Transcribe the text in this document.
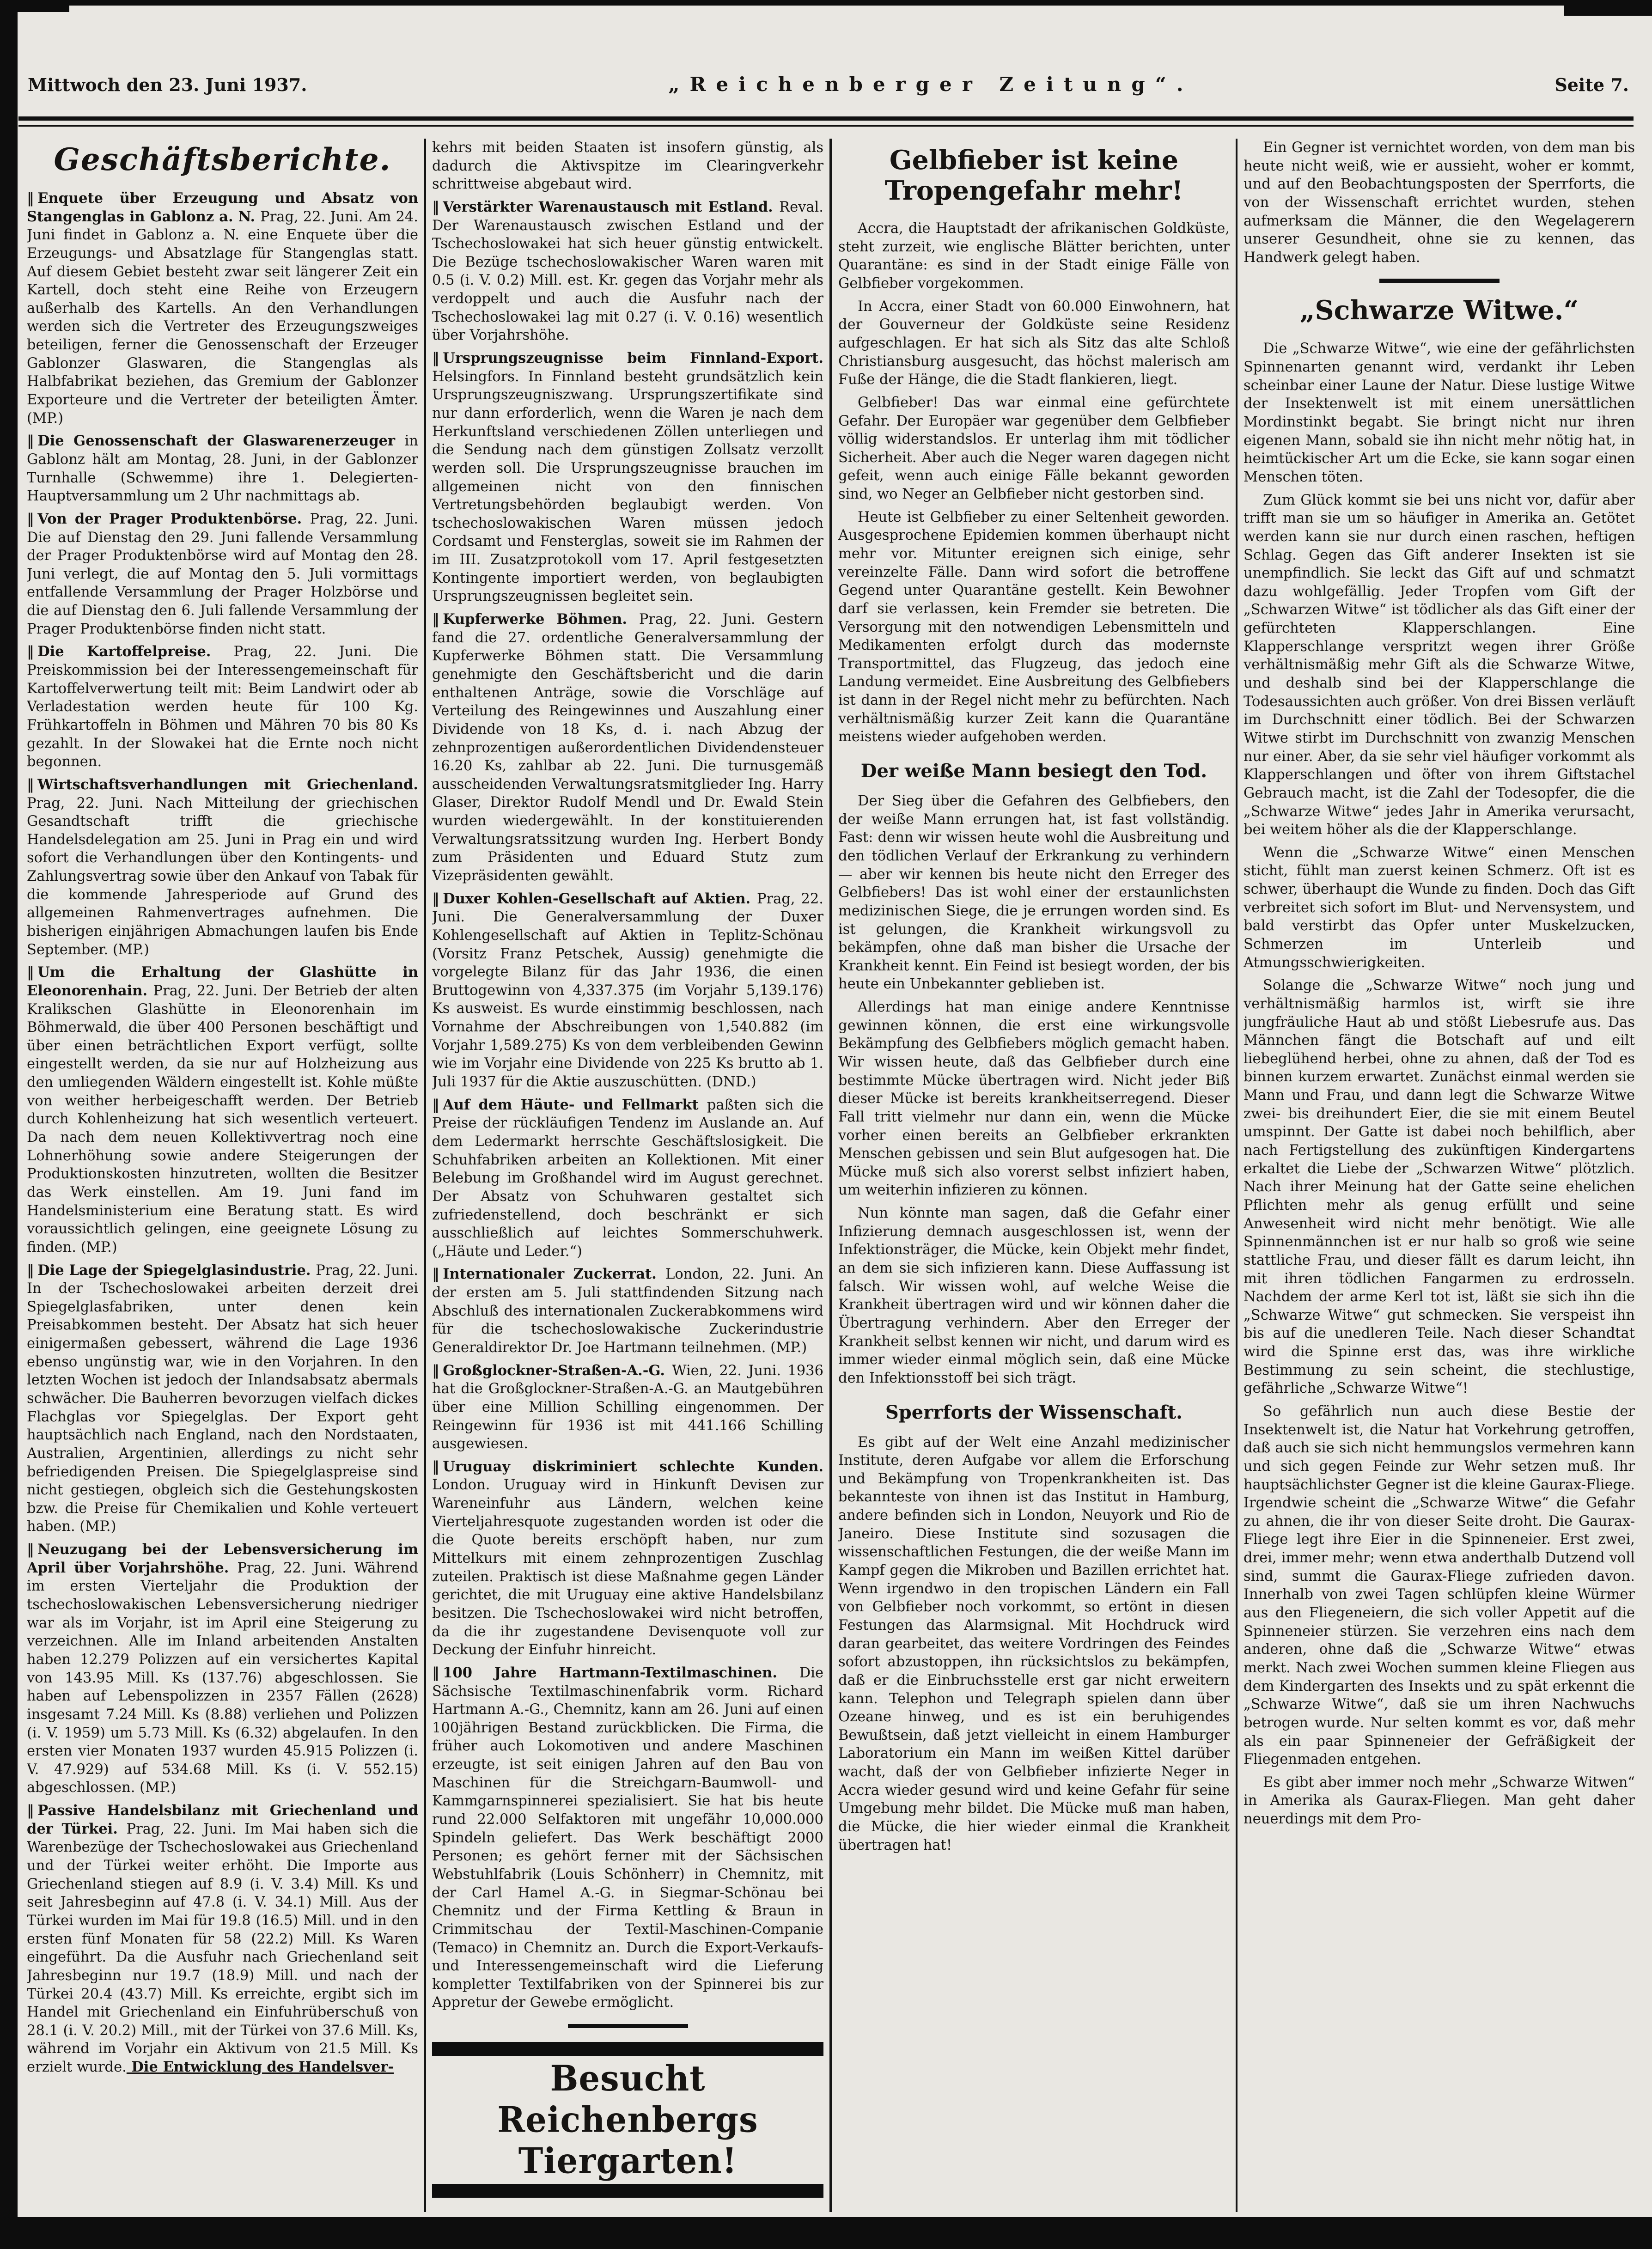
Mittwoch den 23. Juni 1937.	„Reichenberger Zeitung“.	Seite 7.
Geschäftsberichte.

‖ Enquete über Erzeugung und Absatz von Stangenglas in Gablonz a. N. Prag, 22. Juni. Am 24. Juni findet in Gablonz a. N. eine Enquete über die Erzeugungs- und Absatzlage für Stangenglas statt. Auf diesem Gebiet besteht zwar seit längerer Zeit ein Kartell, doch steht eine Reihe von Erzeugern außerhalb des Kartells. An den Verhandlungen werden sich die Vertreter des Erzeugungszweiges beteiligen, ferner die Genossenschaft der Erzeuger Gablonzer Glaswaren, die Stangenglas als Halbfabrikat beziehen, das Gremium der Gablonzer Exporteure und die Vertreter der beteiligten Ämter. (MP.)

‖ Die Genossenschaft der Glaswarenerzeuger in Gablonz hält am Montag, 28. Juni, in der Gablonzer Turnhalle (Schwemme) ihre 1. Delegierten-Hauptversammlung um 2 Uhr nachmittags ab.

‖ Von der Prager Produktenbörse. Prag, 22. Juni. Die auf Dienstag den 29. Juni fallende Versammlung der Prager Produktenbörse wird auf Montag den 28. Juni verlegt, die auf Montag den 5. Juli vormittags entfallende Versammlung der Prager Holzbörse und die auf Dienstag den 6. Juli fallende Versammlung der Prager Produktenbörse finden nicht statt.

‖ Die Kartoffelpreise. Prag, 22. Juni. Die Preiskommission bei der Interessengemeinschaft für Kartoffelverwertung teilt mit: Beim Landwirt oder ab Verladestation werden heute für 100 Kg. Frühkartoffeln in Böhmen und Mähren 70 bis 80 Ks gezahlt. In der Slowakei hat die Ernte noch nicht begonnen.

‖ Wirtschaftsverhandlungen mit Griechenland. Prag, 22. Juni. Nach Mitteilung der griechischen Gesandtschaft trifft die griechische Handelsdelegation am 25. Juni in Prag ein und wird sofort die Verhandlungen über den Kontingents- und Zahlungsvertrag sowie über den Ankauf von Tabak für die kommende Jahresperiode auf Grund des allgemeinen Rahmenvertrages aufnehmen. Die bisherigen einjährigen Abmachungen laufen bis Ende September. (MP.)

‖ Um die Erhaltung der Glashütte in Eleonorenhain. Prag, 22. Juni. Der Betrieb der alten Kralikschen Glashütte in Eleonorenhain im Böhmerwald, die über 400 Personen beschäftigt und über einen beträchtlichen Export verfügt, sollte eingestellt werden, da sie nur auf Holzheizung aus den umliegenden Wäldern eingestellt ist. Kohle müßte von weither herbeigeschafft werden. Der Betrieb durch Kohlenheizung hat sich wesentlich verteuert. Da nach dem neuen Kollektivvertrag noch eine Lohnerhöhung sowie andere Steigerungen der Produktionskosten hinzutreten, wollten die Besitzer das Werk einstellen. Am 19. Juni fand im Handelsministerium eine Beratung statt. Es wird voraussichtlich gelingen, eine geeignete Lösung zu finden. (MP.)

‖ Die Lage der Spiegelglasindustrie. Prag, 22. Juni. In der Tschechoslowakei arbeiten derzeit drei Spiegelglasfabriken, unter denen kein Preisabkommen besteht. Der Absatz hat sich heuer einigermaßen gebessert, während die Lage 1936 ebenso ungünstig war, wie in den Vorjahren. In den letzten Wochen ist jedoch der Inlandsabsatz abermals schwächer. Die Bauherren bevorzugen vielfach dickes Flachglas vor Spiegelglas. Der Export geht hauptsächlich nach England, nach den Nordstaaten, Australien, Argentinien, allerdings zu nicht sehr befriedigenden Preisen. Die Spiegelglaspreise sind nicht gestiegen, obgleich sich die Gestehungskosten bzw. die Preise für Chemikalien und Kohle verteuert haben. (MP.)

‖ Neuzugang bei der Lebensversicherung im April über Vorjahrshöhe. Prag, 22. Juni. Während im ersten Vierteljahr die Produktion der tschechoslowakischen Lebensversicherung niedriger war als im Vorjahr, ist im April eine Steigerung zu verzeichnen. Alle im Inland arbeitenden Anstalten haben 12.279 Polizzen auf ein versichertes Kapital von 143.95 Mill. Ks (137.76) abgeschlossen. Sie haben auf Lebenspolizzen in 2357 Fällen (2628) insgesamt 7.24 Mill. Ks (8.88) verliehen und Polizzen (i. V. 1959) um 5.73 Mill. Ks (6.32) abgelaufen. In den ersten vier Monaten 1937 wurden 45.915 Polizzen (i. V. 47.929) auf 534.68 Mill. Ks (i. V. 552.15) abgeschlossen. (MP.)

‖ Passive Handelsbilanz mit Griechenland und der Türkei. Prag, 22. Juni. Im Mai haben sich die Warenbezüge der Tschechoslowakei aus Griechenland und der Türkei weiter erhöht. Die Importe aus Griechenland stiegen auf 8.9 (i. V. 3.4) Mill. Ks und seit Jahresbeginn auf 47.8 (i. V. 34.1) Mill. Aus der Türkei wurden im Mai für 19.8 (16.5) Mill. und in den ersten fünf Monaten für 58 (22.2) Mill. Ks Waren eingeführt. Da die Ausfuhr nach Griechenland seit Jahresbeginn nur 19.7 (18.9) Mill. und nach der Türkei 20.4 (43.7) Mill. Ks erreichte, ergibt sich im Handel mit Griechenland ein Einfuhrüberschuß von 28.1 (i. V. 20.2) Mill., mit der Türkei von 37.6 Mill. Ks, während im Vorjahr ein Aktivum von 21.5 Mill. Ks erzielt wurde. Die Entwicklung des Handelsver-

kehrs mit beiden Staaten ist insofern günstig, als dadurch die Aktivspitze im Clearingverkehr schrittweise abgebaut wird.

‖ Verstärkter Warenaustausch mit Estland. Reval. Der Warenaustausch zwischen Estland und der Tschechoslowakei hat sich heuer günstig entwickelt. Die Bezüge tschechoslowakischer Waren waren mit 0.5 (i. V. 0.2) Mill. est. Kr. gegen das Vorjahr mehr als verdoppelt und auch die Ausfuhr nach der Tschechoslowakei lag mit 0.27 (i. V. 0.16) wesentlich über Vorjahrshöhe.

‖ Ursprungszeugnisse beim Finnland-Export. Helsingfors. In Finnland besteht grundsätzlich kein Ursprungszeugniszwang. Ursprungszertifikate sind nur dann erforderlich, wenn die Waren je nach dem Herkunftsland verschiedenen Zöllen unterliegen und die Sendung nach dem günstigen Zollsatz verzollt werden soll. Die Ursprungszeugnisse brauchen im allgemeinen nicht von den finnischen Vertretungsbehörden beglaubigt werden. Von tschechoslowakischen Waren müssen jedoch Cordsamt und Fensterglas, soweit sie im Rahmen der im III. Zusatzprotokoll vom 17. April festgesetzten Kontingente importiert werden, von beglaubigten Ursprungszeugnissen begleitet sein.

‖ Kupferwerke Böhmen. Prag, 22. Juni. Gestern fand die 27. ordentliche Generalversammlung der Kupferwerke Böhmen statt. Die Versammlung genehmigte den Geschäftsbericht und die darin enthaltenen Anträge, sowie die Vorschläge auf Verteilung des Reingewinnes und Auszahlung einer Dividende von 18 Ks, d. i. nach Abzug der zehnprozentigen außerordentlichen Dividendensteuer 16.20 Ks, zahlbar ab 22. Juni. Die turnusgemäß ausscheidenden Verwaltungsratsmitglieder Ing. Harry Glaser, Direktor Rudolf Mendl und Dr. Ewald Stein wurden wiedergewählt. In der konstituierenden Verwaltungsratssitzung wurden Ing. Herbert Bondy zum Präsidenten und Eduard Stutz zum Vizepräsidenten gewählt.

‖ Duxer Kohlen-Gesellschaft auf Aktien. Prag, 22. Juni. Die Generalversammlung der Duxer Kohlengesellschaft auf Aktien in Teplitz-Schönau (Vorsitz Franz Petschek, Aussig) genehmigte die vorgelegte Bilanz für das Jahr 1936, die einen Bruttogewinn von 4,337.375 (im Vorjahr 5,139.176) Ks ausweist. Es wurde einstimmig beschlossen, nach Vornahme der Abschreibungen von 1,540.882 (im Vorjahr 1,589.275) Ks von dem verbleibenden Gewinn wie im Vorjahr eine Dividende von 225 Ks brutto ab 1. Juli 1937 für die Aktie auszuschütten. (DND.)

‖ Auf dem Häute- und Fellmarkt paßten sich die Preise der rückläufigen Tendenz im Auslande an. Auf dem Ledermarkt herrschte Geschäftslosigkeit. Die Schuhfabriken arbeiten an Kollektionen. Mit einer Belebung im Großhandel wird im August gerechnet. Der Absatz von Schuhwaren gestaltet sich zufriedenstellend, doch beschränkt er sich ausschließlich auf leichtes Sommerschuhwerk. („Häute und Leder.“)

‖ Internationaler Zuckerrat. London, 22. Juni. An der ersten am 5. Juli stattfindenden Sitzung nach Abschluß des internationalen Zuckerabkommens wird für die tschechoslowakische Zuckerindustrie Generaldirektor Dr. Joe Hartmann teilnehmen. (MP.)

‖ Großglockner-Straßen-A.-G. Wien, 22. Juni. 1936 hat die Großglockner-Straßen-A.-G. an Mautgebühren über eine Million Schilling eingenommen. Der Reingewinn für 1936 ist mit 441.166 Schilling ausgewiesen.

‖ Uruguay diskriminiert schlechte Kunden. London. Uruguay wird in Hinkunft Devisen zur Wareneinfuhr aus Ländern, welchen keine Vierteljahresquote zugestanden worden ist oder die die Quote bereits erschöpft haben, nur zum Mittelkurs mit einem zehnprozentigen Zuschlag zuteilen. Praktisch ist diese Maßnahme gegen Länder gerichtet, die mit Uruguay eine aktive Handelsbilanz besitzen. Die Tschechoslowakei wird nicht betroffen, da die ihr zugestandene Devisenquote voll zur Deckung der Einfuhr hinreicht.

‖ 100 Jahre Hartmann-Textilmaschinen. Die Sächsische Textilmaschinenfabrik vorm. Richard Hartmann A.-G., Chemnitz, kann am 26. Juni auf einen 100jährigen Bestand zurückblicken. Die Firma, die früher auch Lokomotiven und andere Maschinen erzeugte, ist seit einigen Jahren auf den Bau von Maschinen für die Streichgarn-Baumwoll- und Kammgarnspinnerei spezialisiert. Sie hat bis heute rund 22.000 Selfaktoren mit ungefähr 10,000.000 Spindeln geliefert. Das Werk beschäftigt 2000 Personen; es gehört ferner mit der Sächsischen Webstuhlfabrik (Louis Schönherr) in Chemnitz, mit der Carl Hamel A.-G. in Siegmar-Schönau bei Chemnitz und der Firma Kettling & Braun in Crimmitschau der Textil-Maschinen-Companie (Temaco) in Chemnitz an. Durch die Export-Verkaufs- und Interessengemeinschaft wird die Lieferung kompletter Textilfabriken von der Spinnerei bis zur Appretur der Gewebe ermöglicht.

Besucht Reichenbergs Tiergarten!
Gelbfieber ist keine Tropengefahr mehr!

Accra, die Hauptstadt der afrikanischen Goldküste, steht zurzeit, wie englische Blätter berichten, unter Quarantäne: es sind in der Stadt einige Fälle von Gelbfieber vorgekommen.

In Accra, einer Stadt von 60.000 Einwohnern, hat der Gouverneur der Goldküste seine Residenz aufgeschlagen. Er hat sich als Sitz das alte Schloß Christiansburg ausgesucht, das höchst malerisch am Fuße der Hänge, die die Stadt flankieren, liegt.

Gelbfieber! Das war einmal eine gefürchtete Gefahr. Der Europäer war gegenüber dem Gelbfieber völlig widerstandslos. Er unterlag ihm mit tödlicher Sicherheit. Aber auch die Neger waren dagegen nicht gefeit, wenn auch einige Fälle bekannt geworden sind, wo Neger an Gelbfieber nicht gestorben sind.

Heute ist Gelbfieber zu einer Seltenheit geworden. Ausgesprochene Epidemien kommen überhaupt nicht mehr vor. Mitunter ereignen sich einige, sehr vereinzelte Fälle. Dann wird sofort die betroffene Gegend unter Quarantäne gestellt. Kein Bewohner darf sie verlassen, kein Fremder sie betreten. Die Versorgung mit den notwendigen Lebensmitteln und Medikamenten erfolgt durch das modernste Transportmittel, das Flugzeug, das jedoch eine Landung vermeidet. Eine Ausbreitung des Gelbfiebers ist dann in der Regel nicht mehr zu befürchten. Nach verhältnismäßig kurzer Zeit kann die Quarantäne meistens wieder aufgehoben werden.

Der weiße Mann besiegt den Tod.

Der Sieg über die Gefahren des Gelbfiebers, den der weiße Mann errungen hat, ist fast vollständig. Fast: denn wir wissen heute wohl die Ausbreitung und den tödlichen Verlauf der Erkrankung zu verhindern — aber wir kennen bis heute nicht den Erreger des Gelbfiebers! Das ist wohl einer der erstaunlichsten medizinischen Siege, die je errungen worden sind. Es ist gelungen, die Krankheit wirkungsvoll zu bekämpfen, ohne daß man bisher die Ursache der Krankheit kennt. Ein Feind ist besiegt worden, der bis heute ein Unbekannter geblieben ist.

Allerdings hat man einige andere Kenntnisse gewinnen können, die erst eine wirkungsvolle Bekämpfung des Gelbfiebers möglich gemacht haben. Wir wissen heute, daß das Gelbfieber durch eine bestimmte Mücke übertragen wird. Nicht jeder Biß dieser Mücke ist bereits krankheitserregend. Dieser Fall tritt vielmehr nur dann ein, wenn die Mücke vorher einen bereits an Gelbfieber erkrankten Menschen gebissen und sein Blut aufgesogen hat. Die Mücke muß sich also vorerst selbst infiziert haben, um weiterhin infizieren zu können.

Nun könnte man sagen, daß die Gefahr einer Infizierung demnach ausgeschlossen ist, wenn der Infektionsträger, die Mücke, kein Objekt mehr findet, an dem sie sich infizieren kann. Diese Auffassung ist falsch. Wir wissen wohl, auf welche Weise die Krankheit übertragen wird und wir können daher die Übertragung verhindern. Aber den Erreger der Krankheit selbst kennen wir nicht, und darum wird es immer wieder einmal möglich sein, daß eine Mücke den Infektionsstoff bei sich trägt.

Sperrforts der Wissenschaft.

Es gibt auf der Welt eine Anzahl medizinischer Institute, deren Aufgabe vor allem die Erforschung und Bekämpfung von Tropenkrankheiten ist. Das bekannteste von ihnen ist das Institut in Hamburg, andere befinden sich in London, Neuyork und Rio de Janeiro. Diese Institute sind sozusagen die wissenschaftlichen Festungen, die der weiße Mann im Kampf gegen die Mikroben und Bazillen errichtet hat. Wenn irgendwo in den tropischen Ländern ein Fall von Gelbfieber noch vorkommt, so ertönt in diesen Festungen das Alarmsignal. Mit Hochdruck wird daran gearbeitet, das weitere Vordringen des Feindes sofort abzustoppen, ihn rücksichtslos zu bekämpfen, daß er die Einbruchsstelle erst gar nicht erweitern kann. Telephon und Telegraph spielen dann über Ozeane hinweg, und es ist ein beruhigendes Bewußtsein, daß jetzt vielleicht in einem Hamburger Laboratorium ein Mann im weißen Kittel darüber wacht, daß der von Gelbfieber infizierte Neger in Accra wieder gesund wird und keine Gefahr für seine Umgebung mehr bildet. Die Mücke muß man haben, die Mücke, die hier wieder einmal die Krankheit übertragen hat!

Ein Gegner ist vernichtet worden, von dem man bis heute nicht weiß, wie er aussieht, woher er kommt, und auf den Beobachtungsposten der Sperrforts, die von der Wissenschaft errichtet wurden, stehen aufmerksam die Männer, die den Wegelagerern unserer Gesundheit, ohne sie zu kennen, das Handwerk gelegt haben.

„Schwarze Witwe.“

Die „Schwarze Witwe“, wie eine der gefährlichsten Spinnenarten genannt wird, verdankt ihr Leben scheinbar einer Laune der Natur. Diese lustige Witwe der Insektenwelt ist mit einem unersättlichen Mordinstinkt begabt. Sie bringt nicht nur ihren eigenen Mann, sobald sie ihn nicht mehr nötig hat, in heimtückischer Art um die Ecke, sie kann sogar einen Menschen töten.

Zum Glück kommt sie bei uns nicht vor, dafür aber trifft man sie um so häufiger in Amerika an. Getötet werden kann sie nur durch einen raschen, heftigen Schlag. Gegen das Gift anderer Insekten ist sie unempfindlich. Sie leckt das Gift auf und schmatzt dazu wohlgefällig. Jeder Tropfen vom Gift der „Schwarzen Witwe“ ist tödlicher als das Gift einer der gefürchteten Klapperschlangen. Eine Klapperschlange verspritzt wegen ihrer Größe verhältnismäßig mehr Gift als die Schwarze Witwe, und deshalb sind bei der Klapperschlange die Todesaussichten auch größer. Von drei Bissen verläuft im Durchschnitt einer tödlich. Bei der Schwarzen Witwe stirbt im Durchschnitt von zwanzig Menschen nur einer. Aber, da sie sehr viel häufiger vorkommt als Klapperschlangen und öfter von ihrem Giftstachel Gebrauch macht, ist die Zahl der Todesopfer, die die „Schwarze Witwe“ jedes Jahr in Amerika verursacht, bei weitem höher als die der Klapperschlange.

Wenn die „Schwarze Witwe“ einen Menschen sticht, fühlt man zuerst keinen Schmerz. Oft ist es schwer, überhaupt die Wunde zu finden. Doch das Gift verbreitet sich sofort im Blut- und Nervensystem, und bald verstirbt das Opfer unter Muskelzucken, Schmerzen im Unterleib und Atmungsschwierigkeiten.

Solange die „Schwarze Witwe“ noch jung und verhältnismäßig harmlos ist, wirft sie ihre jungfräuliche Haut ab und stößt Liebesrufe aus. Das Männchen fängt die Botschaft auf und eilt liebeglühend herbei, ohne zu ahnen, daß der Tod es binnen kurzem erwartet. Zunächst einmal werden sie Mann und Frau, und dann legt die Schwarze Witwe zwei- bis dreihundert Eier, die sie mit einem Beutel umspinnt. Der Gatte ist dabei noch behilflich, aber nach Fertigstellung des zukünftigen Kindergartens erkaltet die Liebe der „Schwarzen Witwe“ plötzlich. Nach ihrer Meinung hat der Gatte seine ehelichen Pflichten mehr als genug erfüllt und seine Anwesenheit wird nicht mehr benötigt. Wie alle Spinnenmännchen ist er nur halb so groß wie seine stattliche Frau, und dieser fällt es darum leicht, ihn mit ihren tödlichen Fangarmen zu erdrosseln. Nachdem der arme Kerl tot ist, läßt sie sich ihn die „Schwarze Witwe“ gut schmecken. Sie verspeist ihn bis auf die unedleren Teile. Nach dieser Schandtat wird die Spinne erst das, was ihre wirkliche Bestimmung zu sein scheint, die stechlustige, gefährliche „Schwarze Witwe“!

So gefährlich nun auch diese Bestie der Insektenwelt ist, die Natur hat Vorkehrung getroffen, daß auch sie sich nicht hemmungslos vermehren kann und sich gegen Feinde zur Wehr setzen muß. Ihr hauptsächlichster Gegner ist die kleine Gaurax-Fliege. Irgendwie scheint die „Schwarze Witwe“ die Gefahr zu ahnen, die ihr von dieser Seite droht. Die Gaurax-Fliege legt ihre Eier in die Spinneneier. Erst zwei, drei, immer mehr; wenn etwa anderthalb Dutzend voll sind, summt die Gaurax-Fliege zufrieden davon. Innerhalb von zwei Tagen schlüpfen kleine Würmer aus den Fliegeneiern, die sich voller Appetit auf die Spinneneier stürzen. Sie verzehren eins nach dem anderen, ohne daß die „Schwarze Witwe“ etwas merkt. Nach zwei Wochen summen kleine Fliegen aus dem Kindergarten des Insekts und zu spät erkennt die „Schwarze Witwe“, daß sie um ihren Nachwuchs betrogen wurde. Nur selten kommt es vor, daß mehr als ein paar Spinneneier der Gefräßigkeit der Fliegenmaden entgehen.

Es gibt aber immer noch mehr „Schwarze Witwen“ in Amerika als Gaurax-Fliegen. Man geht daher neuerdings mit dem Pro-
